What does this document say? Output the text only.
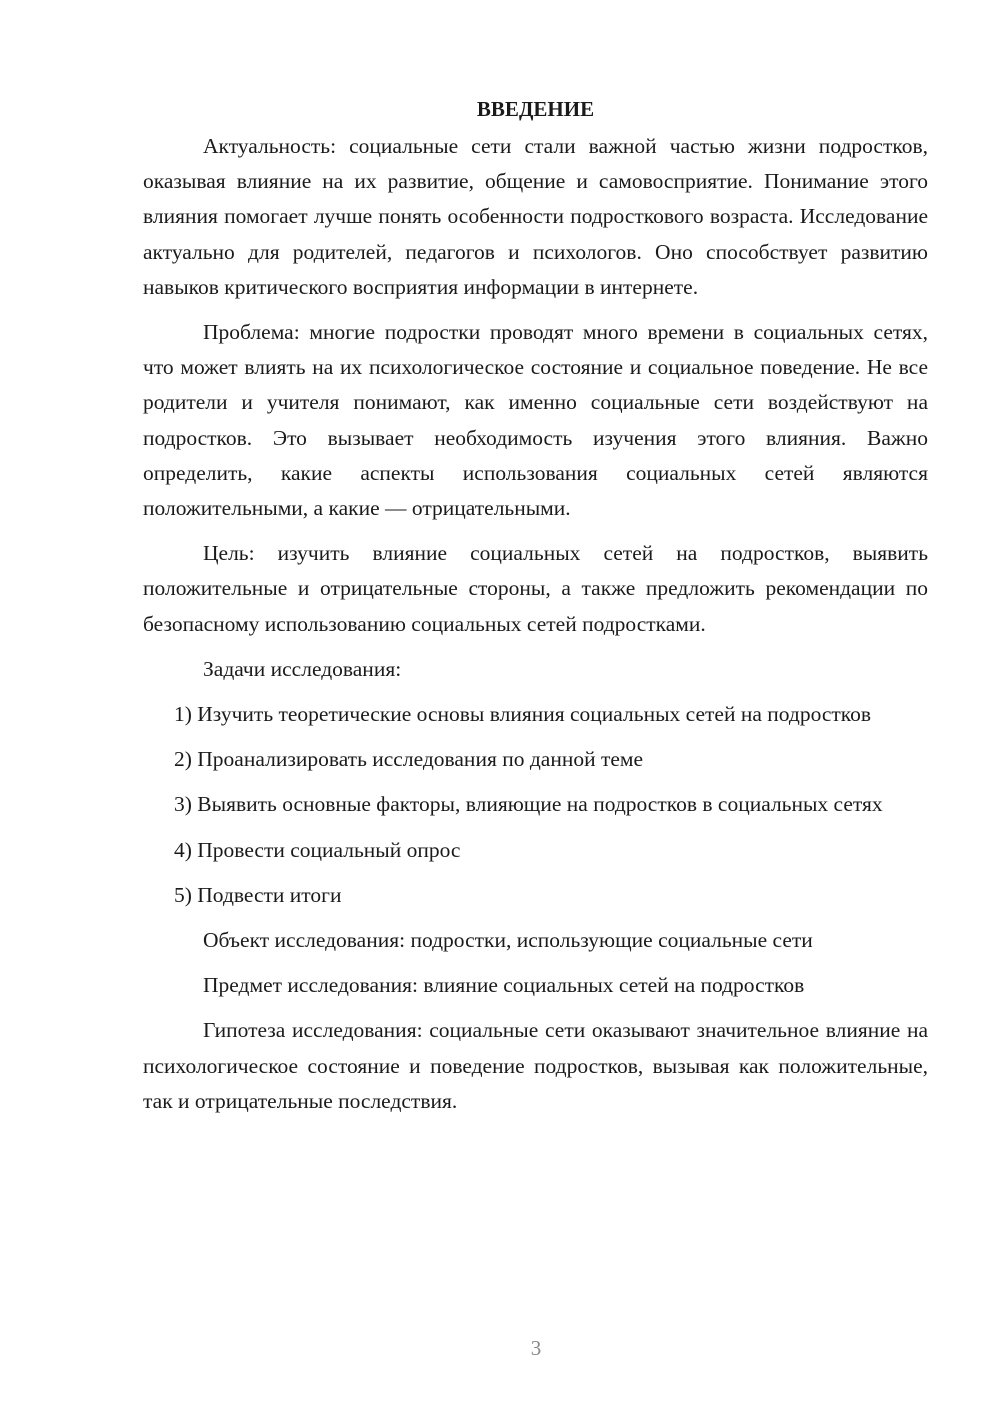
ВВЕДЕНИЕ

Актуальность: социальные сети стали важной частью жизни подростков, оказывая влияние на их развитие, общение и самовосприятие. Понимание этого влияния помогает лучше понять особенности подросткового возраста. Исследование актуально для родителей, педагогов и психологов. Оно способствует развитию навыков критического восприятия информации в интернете.

Проблема: многие подростки проводят много времени в социальных сетях, что может влиять на их психологическое состояние и социальное поведение. Не все родители и учителя понимают, как именно социальные сети воздействуют на подростков. Это вызывает необходимость изучения этого влияния. Важно определить, какие аспекты использования социальных сетей являются положительными, а какие — отрицательными.

Цель: изучить влияние социальных сетей на подростков, выявить положительные и отрицательные стороны, а также предложить рекомендации по безопасному использованию социальных сетей подростками.

Задачи исследования:

1) Изучить теоретические основы влияния социальных сетей на подростков

2) Проанализировать исследования по данной теме

3) Выявить основные факторы, влияющие на подростков в социальных сетях

4) Провести социальный опрос

5) Подвести итоги

Объект исследования: подростки, использующие социальные сети

Предмет исследования: влияние социальных сетей на подростков

Гипотеза исследования: социальные сети оказывают значительное влияние на психологическое состояние и поведение подростков, вызывая как положительные, так и отрицательные последствия.

3
